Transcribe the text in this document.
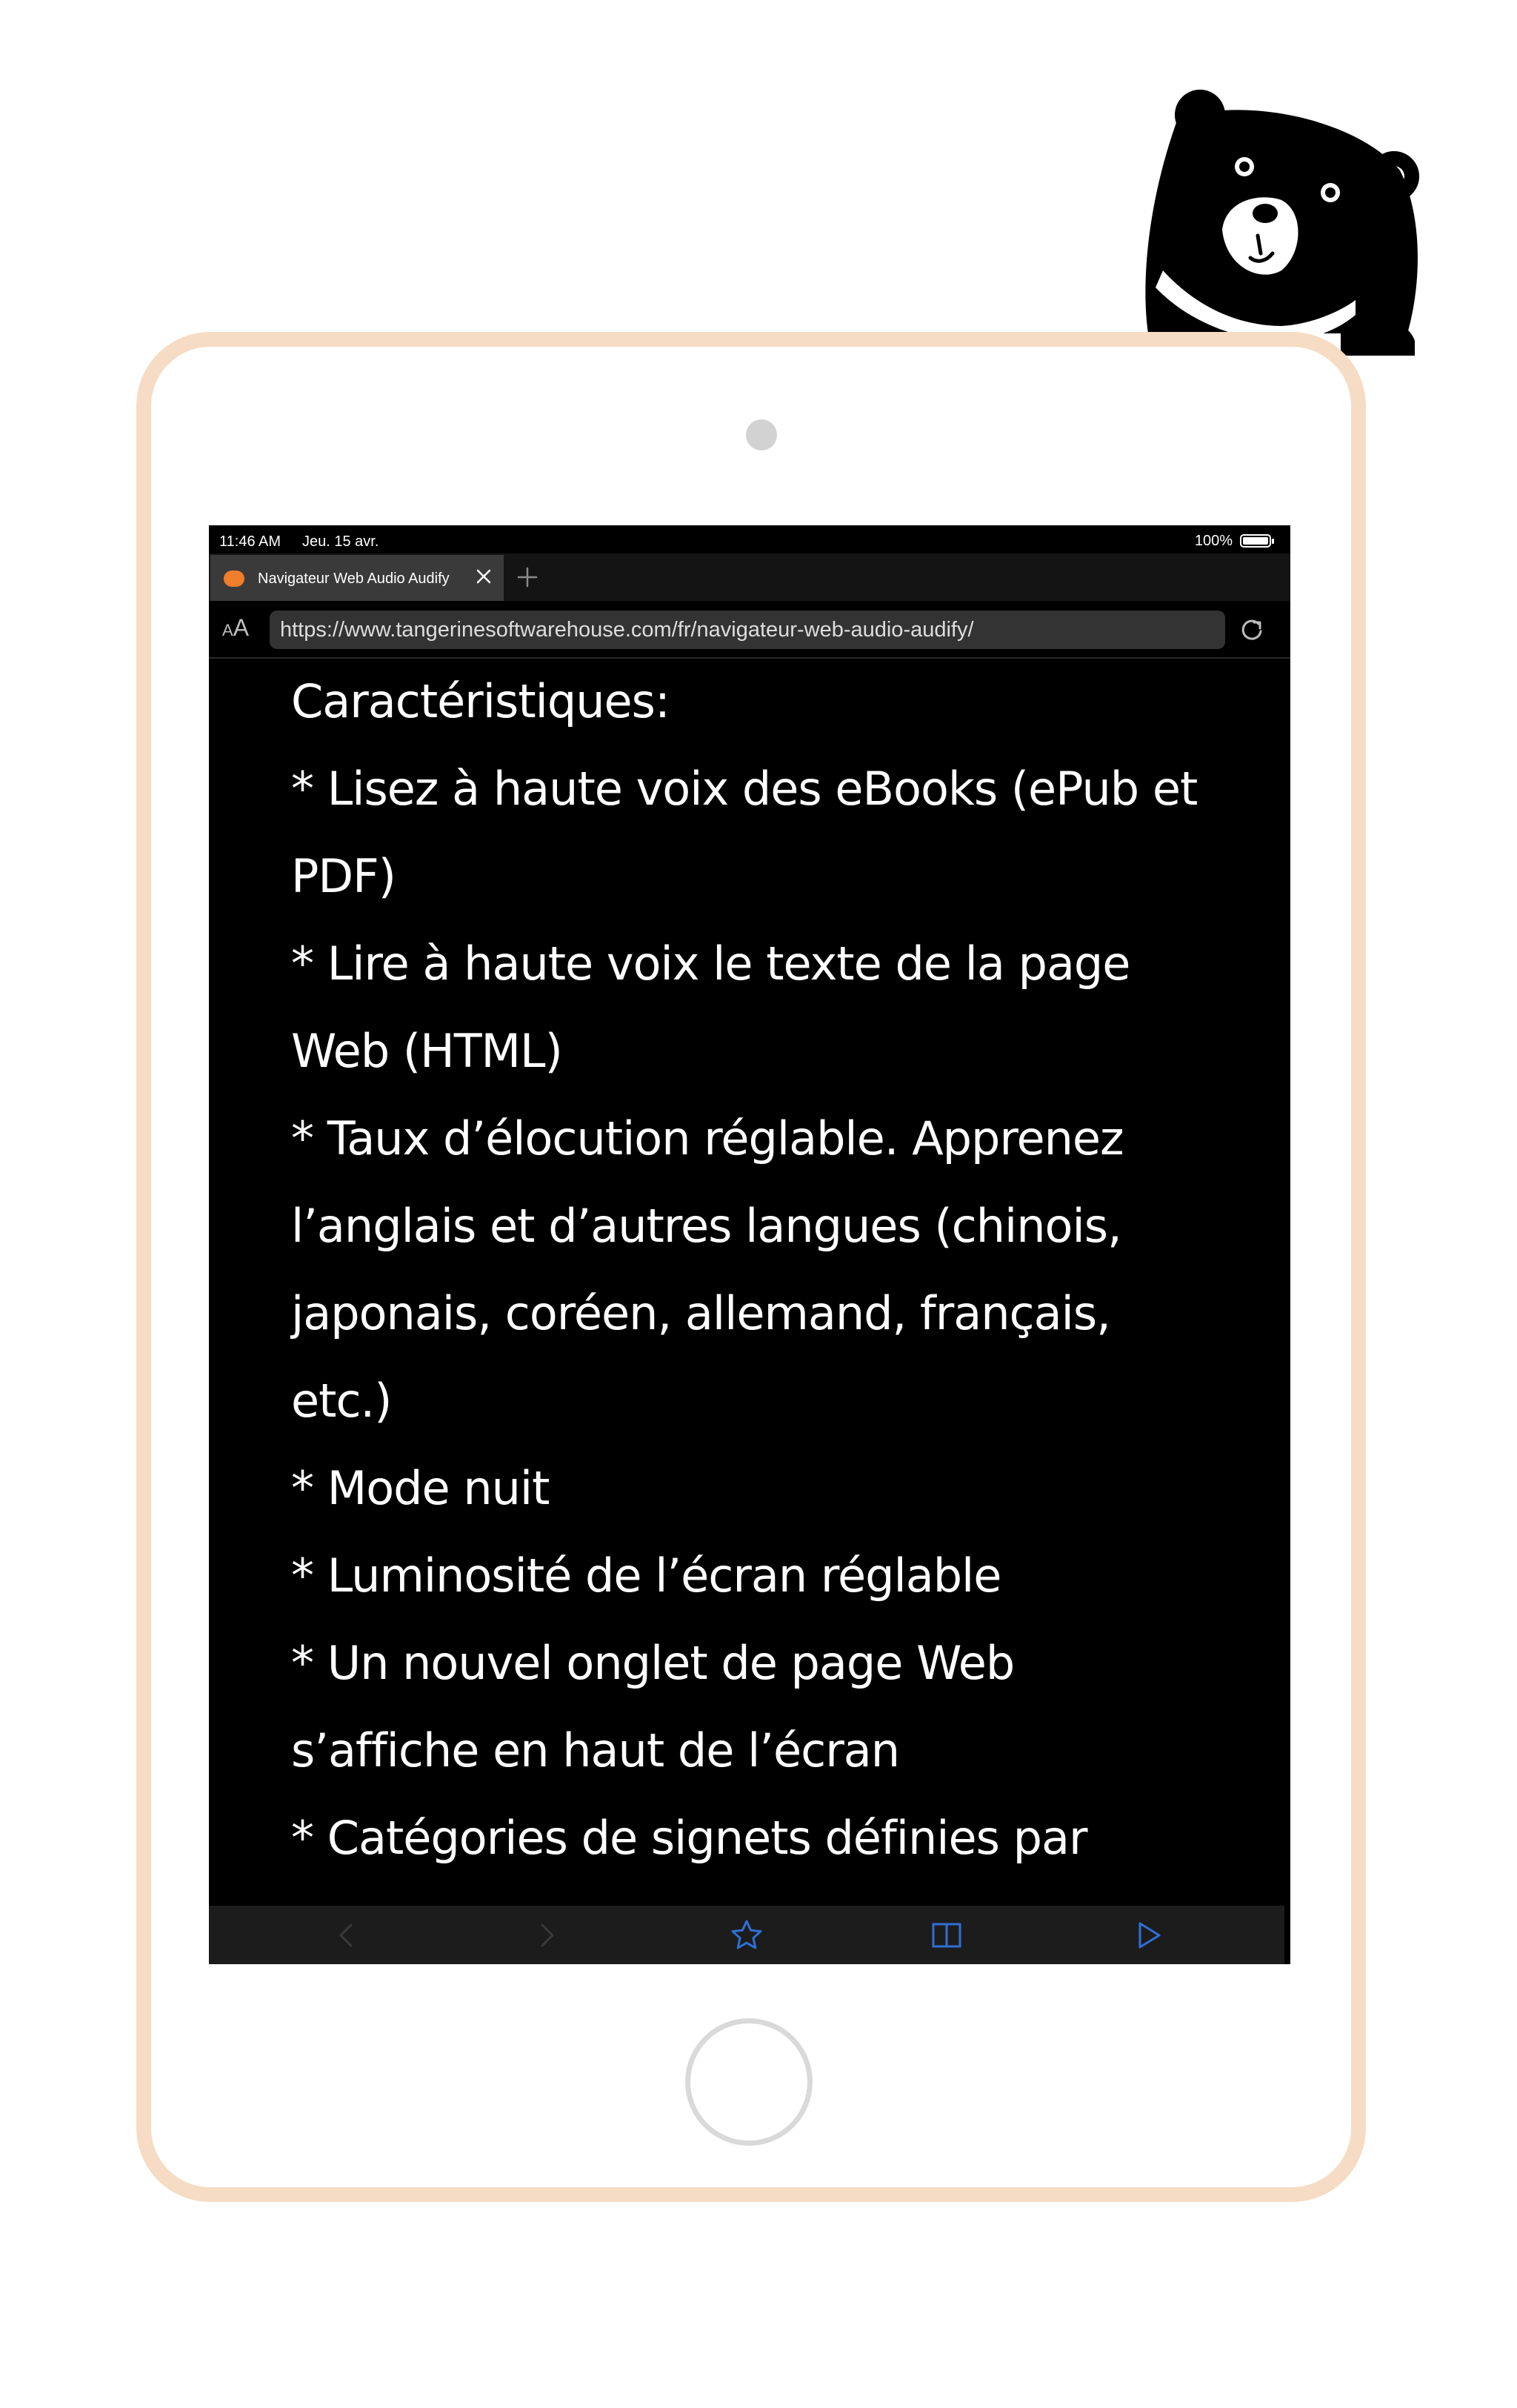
11:46 AM Jeu. 15 avr.	100%
Navigateur Web Audio Audify
AA	https://www.tangerinesoftwarehouse.com/fr/navigateur-web-audio-audify/
Caractéristiques:
* Lisez à haute voix des eBooks (ePub et
PDF)
* Lire à haute voix le texte de la page
Web (HTML)
* Taux d’élocution réglable. Apprenez
l’anglais et d’autres langues (chinois,
japonais, coréen, allemand, français,
etc.)
* Mode nuit
* Luminosité de l’écran réglable
* Un nouvel onglet de page Web
s’affiche en haut de l’écran
* Catégories de signets définies par
